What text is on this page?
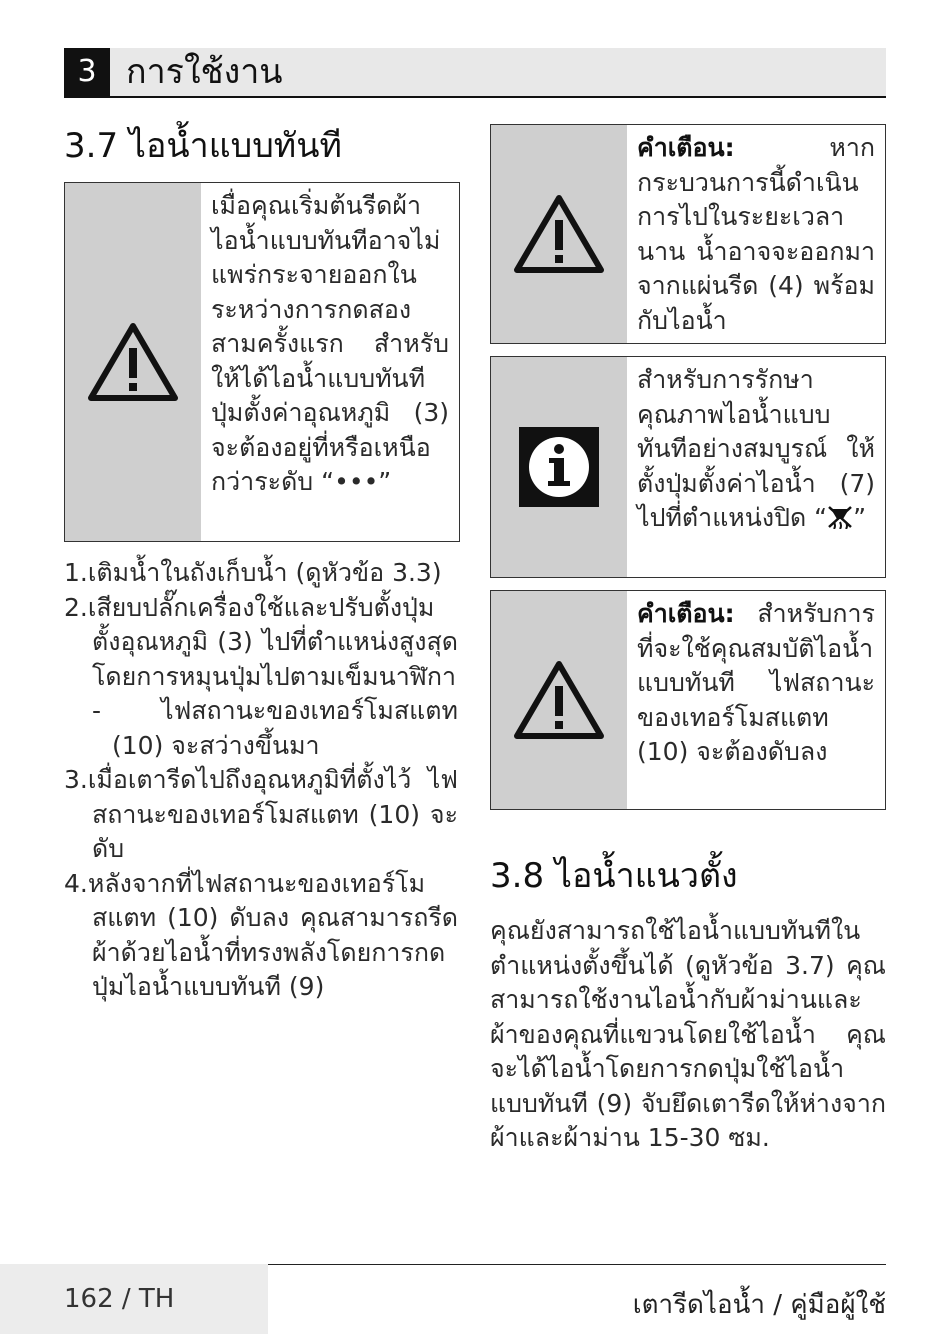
3 การใช้งาน
3.7 ไอน้ำแบบทันที
เมื่อคุณเริ่มต้นรีดผ้า ไอน้ำแบบทันทีอาจไม่แพร่กระจายออกในระหว่างการกดสองสามครั้งแรก สำหรับให้ได้ไอน้ำแบบทันที ปุ่มตั้งค่าอุณหภูมิ (3) จะต้องอยู่ที่หรือเหนือกว่าระดับ “•••”
1.เติมน้ำในถังเก็บน้ำ (ดูหัวข้อ 3.3)
2.เสียบปลั๊กเครื่องใช้และปรับตั้งปุ่มตั้งอุณหภูมิ (3) ไปที่ตำแหน่งสูงสุดโดยการหมุนปุ่มไปตามเข็มนาฬิกา
- ไฟสถานะของเทอร์โมสแตท (10) จะสว่างขึ้นมา
3.เมื่อเตารีดไปถึงอุณหภูมิที่ตั้งไว้ ไฟสถานะของเทอร์โมสแตท (10) จะดับ
4.หลังจากที่ไฟสถานะของเทอร์โมสแตท (10) ดับลง คุณสามารถรีดผ้าด้วยไอน้ำที่ทรงพลังโดยการกดปุ่มไอน้ำแบบทันที (9)
คำเตือน:	หากกระบวนการนี้ดำเนินการไปในระยะเวลานาน น้ำอาจจะออกมาจากแผ่นรีด (4) พร้อมกับไอน้ำ
สำหรับการรักษาคุณภาพไอน้ำแบบทันทีอย่างสมบูรณ์ ให้ตั้งปุ่มตั้งค่าไอน้ำ (7) ไปที่ตำแหน่งปิด “ ”
คำเตือน: สำหรับการที่จะใช้คุณสมบัติไอน้ำแบบทันที ไฟสถานะของเทอร์โมสแตท (10) จะต้องดับลง
3.8 ไอน้ำแนวตั้ง

คุณยังสามารถใช้ไอน้ำแบบทันทีในตำแหน่งตั้งขึ้นได้ (ดูหัวข้อ 3.7) คุณสามารถใช้งานไอน้ำกับผ้าม่านและผ้าของคุณที่แขวนโดยใช้ไอน้ำ คุณจะได้ไอน้ำโดยการกดปุ่มใช้ไอน้ำแบบทันที (9) จับยึดเตารีดให้ห่างจากผ้าและผ้าม่าน 15-30 ซม.

162 / TH	เตารีดไอน้ำ / คู่มือผู้ใช้
